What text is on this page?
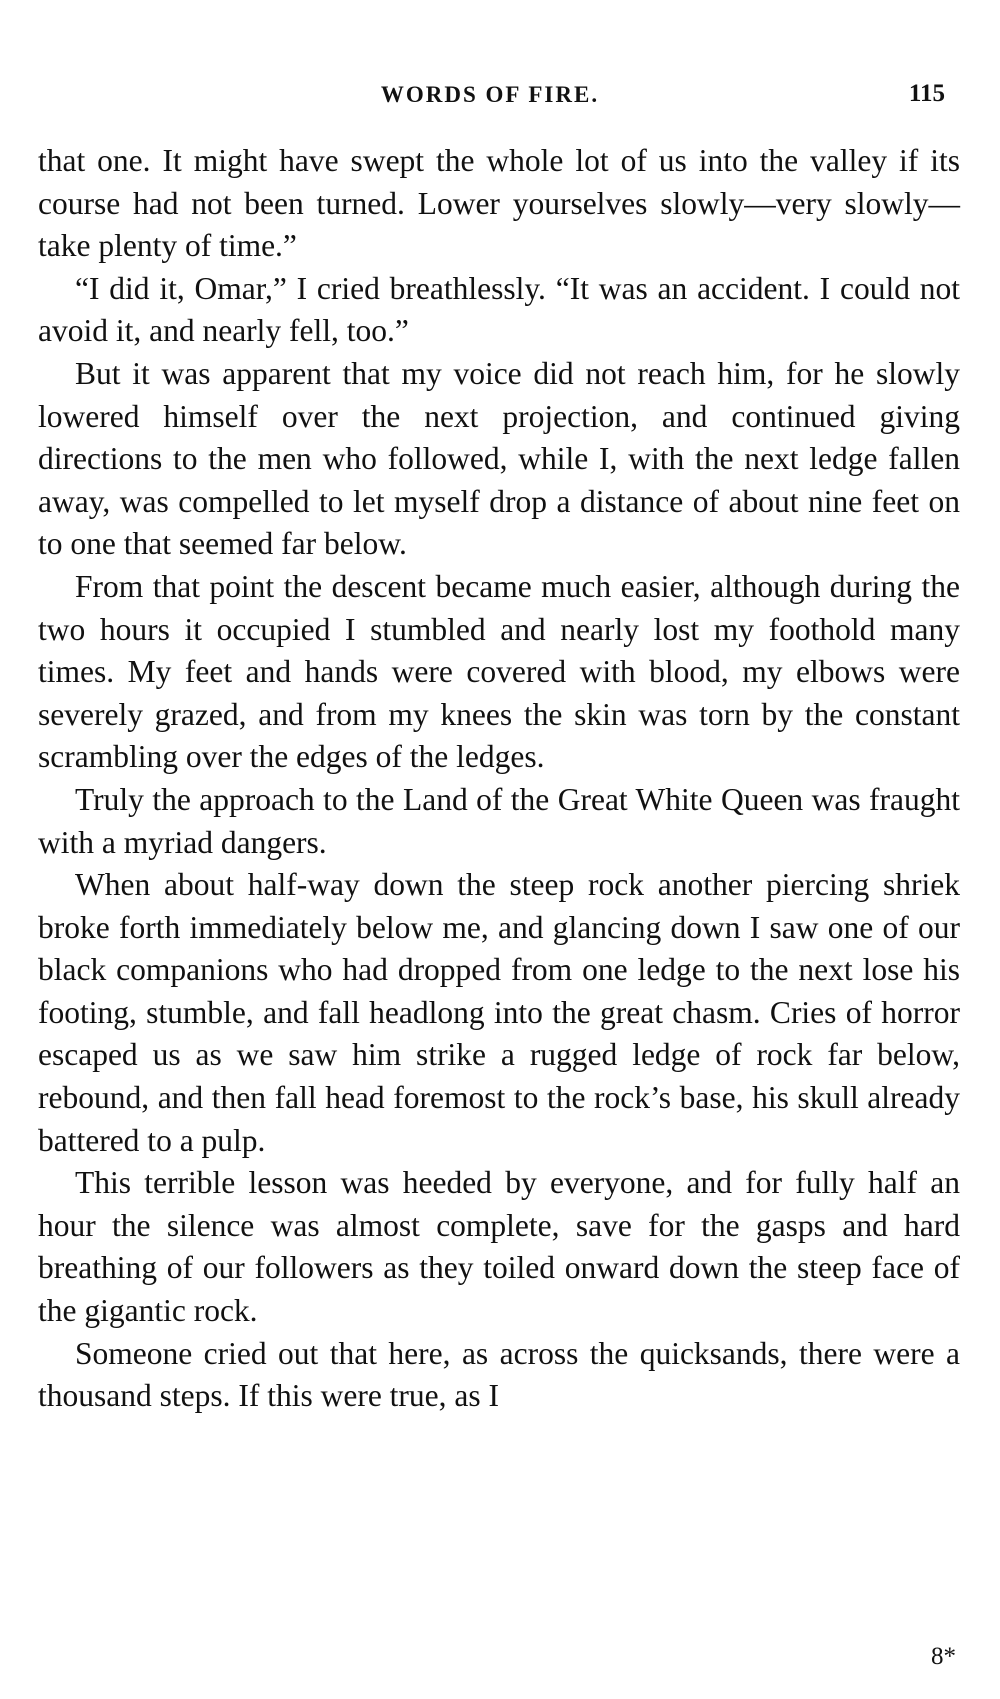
WORDS OF FIRE.	115

that one. It might have swept the whole lot of us into the valley if its course had not been turned. Lower yourselves slowly—very slowly—take plenty of time.”

“I did it, Omar,” I cried breathlessly. “It was an accident. I could not avoid it, and nearly fell, too.”

But it was apparent that my voice did not reach him, for he slowly lowered himself over the next projection, and continued giving directions to the men who followed, while I, with the next ledge fallen away, was compelled to let myself drop a distance of about nine feet on to one that seemed far below.

From that point the descent became much easier, although during the two hours it occupied I stumbled and nearly lost my foothold many times. My feet and hands were covered with blood, my elbows were severely grazed, and from my knees the skin was torn by the constant scrambling over the edges of the ledges.

Truly the approach to the Land of the Great White Queen was fraught with a myriad dangers.

When about half-way down the steep rock another piercing shriek broke forth immediately below me, and glancing down I saw one of our black companions who had dropped from one ledge to the next lose his footing, stumble, and fall headlong into the great chasm. Cries of horror escaped us as we saw him strike a rugged ledge of rock far below, rebound, and then fall head foremost to the rock’s base, his skull already battered to a pulp.

This terrible lesson was heeded by everyone, and for fully half an hour the silence was almost complete, save for the gasps and hard breathing of our followers as they toiled onward down the steep face of the gigantic rock.

Someone cried out that here, as across the quicksands, there were a thousand steps. If this were true, as I

8*
